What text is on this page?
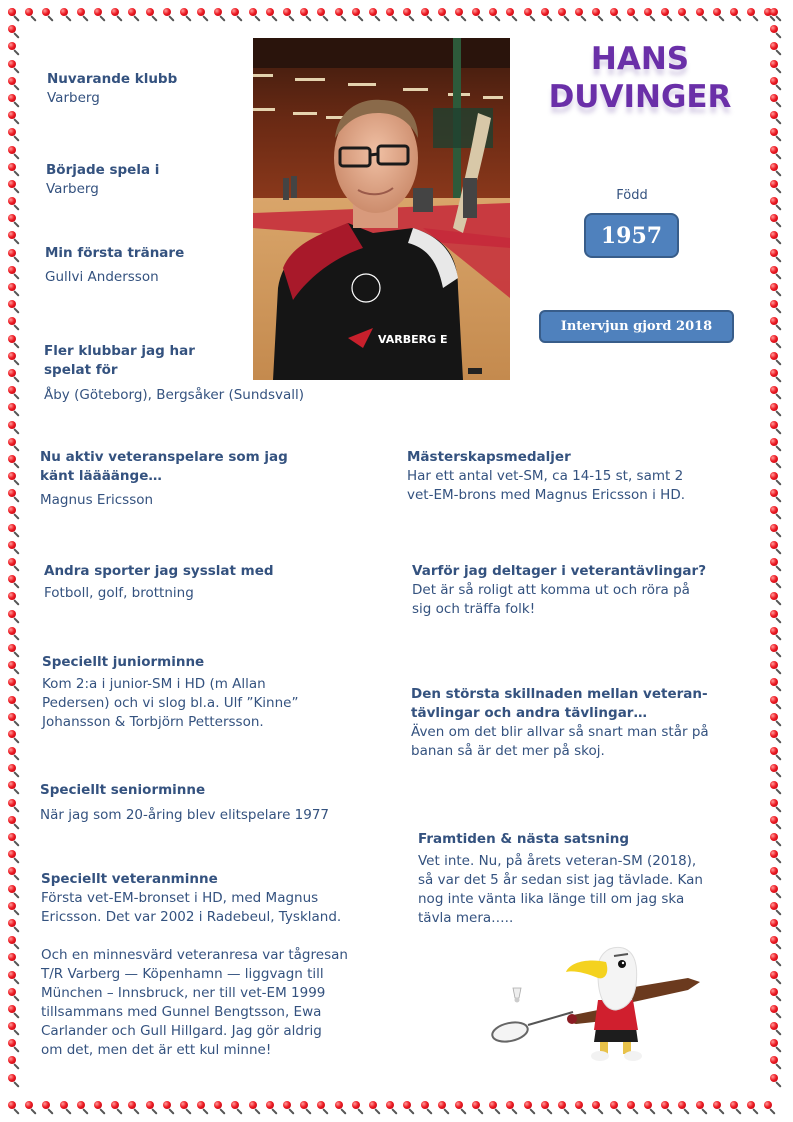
VARBERG E
HANS
DUVINGER
Född
1957
Intervjun gjord 2018
Nuvarande klubb
Varberg
Började spela i
Varberg
Min första tränare
Gullvi Andersson
Fler klubbar jag har
spelat för
Åby (Göteborg), Bergsåker (Sundsvall)
Nu aktiv veteranspelare som jag
känt läääänge…
Magnus Ericsson
Andra sporter jag sysslat med
Fotboll, golf, brottning
Speciellt juniorminne
Kom 2:a i junior-SM i HD (m Allan
Pedersen) och vi slog bl.a. Ulf ”Kinne”
Johansson & Torbjörn Pettersson.
Speciellt seniorminne
När jag som 20-åring blev elitspelare 1977
Speciellt veteranminne
Första vet-EM-bronset i HD, med Magnus
Ericsson. Det var 2002 i Radebeul, Tyskland.
Och en minnesvärd veteranresa var tågresan
T/R Varberg — Köpenhamn — liggvagn till
München – Innsbruck, ner till vet-EM 1999
tillsammans med Gunnel Bengtsson, Ewa
Carlander och Gull Hillgard. Jag gör aldrig
om det, men det är ett kul minne!
Mästerskapsmedaljer
Har ett antal vet-SM, ca 14-15 st, samt 2
vet-EM-brons med Magnus Ericsson i HD.
Varför jag deltager i veterantävlingar?
Det är så roligt att komma ut och röra på
sig och träffa folk!
Den största skillnaden mellan veteran-
tävlingar och andra tävlingar…
Även om det blir allvar så snart man står på
banan så är det mer på skoj.
Framtiden & nästa satsning
Vet inte. Nu, på årets veteran-SM (2018),
så var det 5 år sedan sist jag tävlade. Kan
nog inte vänta lika länge till om jag ska
tävla mera…..
